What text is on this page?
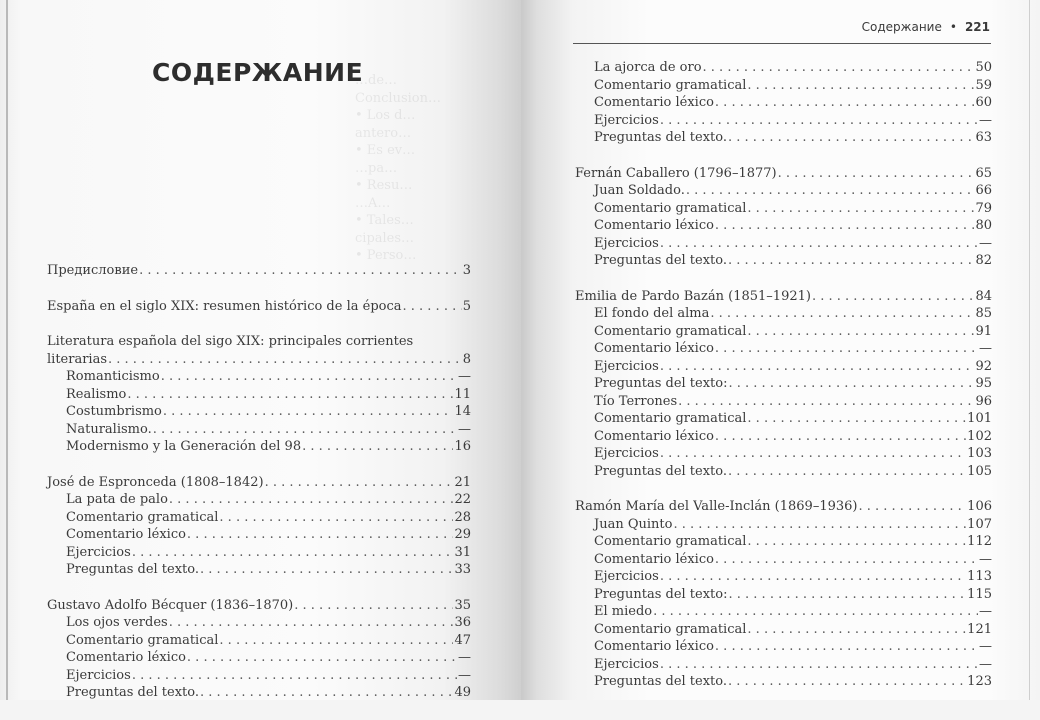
…de…
Conclusion…
• Los d…
antero…
• Es ev…
…pa…
• Resu…
…A…
• Tales…
cipales…
• Perso…
СОДЕРЖАНИЕ
Предисловие . . .	3
España en el siglo XIX: resumen histórico de la época . . .	5
Literatura española del sigo XIX: principales corrientes
literarias . . .	8
Romanticismo . . .	—
Realismo . . .	11
Costumbrismo . . .	14
Naturalismo. . . .	—
Modernismo y la Generación del 98 . . .	16
José de Espronceda (1808–1842) . . .	21
La pata de palo . . .	22
Comentario gramatical . . .	28
Comentario léxico . . .	29
Ejercicios . . .	31
Preguntas del texto. . . .	33
Gustavo Adolfo Bécquer (1836–1870) . . .	35
Los ojos verdes . . .	36
Comentario gramatical . . .	47
Comentario léxico . . .	—
Ejercicios . . .	—
Preguntas del texto. . . .	49
Содержание • 221
La ajorca de oro . . .	50
Comentario gramatical . . .	59
Comentario léxico . . .	60
Ejercicios . . .	—
Preguntas del texto. . . .	63
Fernán Caballero (1796–1877) . . .	65
Juan Soldado. . . .	66
Comentario gramatical . . .	79
Comentario léxico . . .	80
Ejercicios . . .	—
Preguntas del texto. . . .	82
Emilia de Pardo Bazán (1851–1921) . . .	84
El fondo del alma . . .	85
Comentario gramatical . . .	91
Comentario léxico . . .	—
Ejercicios . . .	92
Preguntas del texto: . . .	95
Tío Terrones . . .	96
Comentario gramatical . . .	101
Comentario léxico . . .	102
Ejercicios . . .	103
Preguntas del texto. . . .	105
Ramón María del Valle-Inclán (1869–1936) . . .	106
Juan Quinto . . .	107
Comentario gramatical . . .	112
Comentario léxico . . .	—
Ejercicios . . .	113
Preguntas del texto: . . .	115
El miedo . . .	—
Comentario gramatical . . .	121
Comentario léxico . . .	—
Ejercicios . . .	—
Preguntas del texto. . . .	123
